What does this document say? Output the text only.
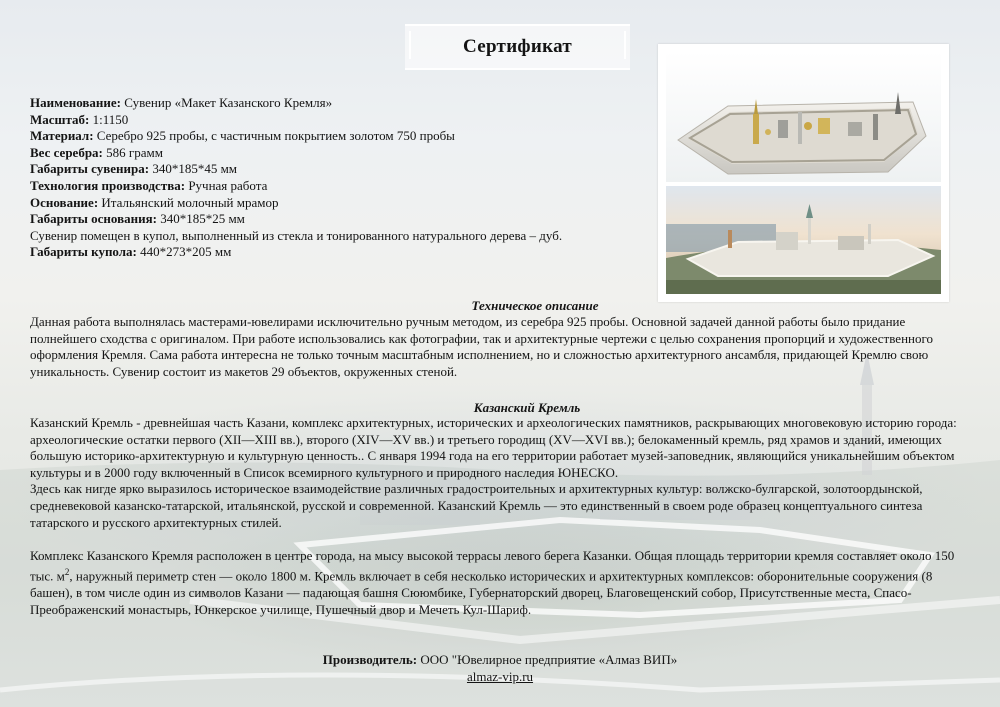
Сертификат
Наименование: Сувенир «Макет Казанского Кремля»
Масштаб: 1:1150
Материал: Серебро 925 пробы, с частичным покрытием золотом 750 пробы
Вес серебра: 586 грамм
Габариты сувенира: 340*185*45 мм
Технология производства: Ручная работа
Основание: Итальянский молочный мрамор
Габариты основания: 340*185*25 мм
Сувенир помещен в купол, выполненный из стекла и тонированного натурального дерева – дуб.
Габариты купола: 440*273*205 мм
Техническое описание

Данная работа выполнялась мастерами-ювелирами исключительно ручным методом, из серебра 925 пробы. Основной задачей данной работы было придание полнейшего сходства с оригиналом. При работе использовались как фотографии, так и архитектурные чертежи с целью сохранения пропорций и художественного оформления Кремля. Сама работа интересна не только точным масштабным исполнением, но и сложностью архитектурного ансамбля, придающей Кремлю свою уникальность. Сувенир состоит из макетов 29 объектов, окруженных стеной.

Казанский Кремль

Казанский Кремль - древнейшая часть Казани, комплекс архитектурных, исторических и археологических памятников, раскрывающих многовековую историю города: археологические остатки первого (XII—XIII вв.), второго (XIV—XV вв.) и третьего городищ (XV—XVI вв.); белокаменный кремль, ряд храмов и зданий, имеющих большую историко-архитектурную и культурную ценность.. С января 1994 года на его территории работает музей-заповедник, являющийся уникальнейшим объектом культуры и в 2000 году включенный в Список всемирного культурного и природного наследия ЮНЕСКО.

Здесь как нигде ярко выразилось историческое взаимодействие различных градостроительных и архитектурных культур: волжско-булгарской, золотоордынской, средневековой казанско-татарской, итальянской, русской и современной. Казанский Кремль — это единственный в своем роде образец концептуального синтеза татарского и русского архитектурных стилей.

Комплекс Казанского Кремля расположен в центре города, на мысу высокой террасы левого берега Казанки. Общая площадь территории кремля составляет около 150 тыс. $м^2$, наружный периметр стен — около 1800 м. Кремль включает в себя несколько исторических и архитектурных комплексов: оборонительные сооружения (8 башен), в том числе один из символов Казани — падающая башня Сююмбике, Губернаторский дворец, Благовещенский собор, Присутственные места, Спасо-Преображенский монастырь, Юнкерское училище, Пушечный двор и Мечеть Кул-Шариф.

Производитель: ООО "Ювелирное предприятие «Алмаз ВИП»
almaz-vip.ru
